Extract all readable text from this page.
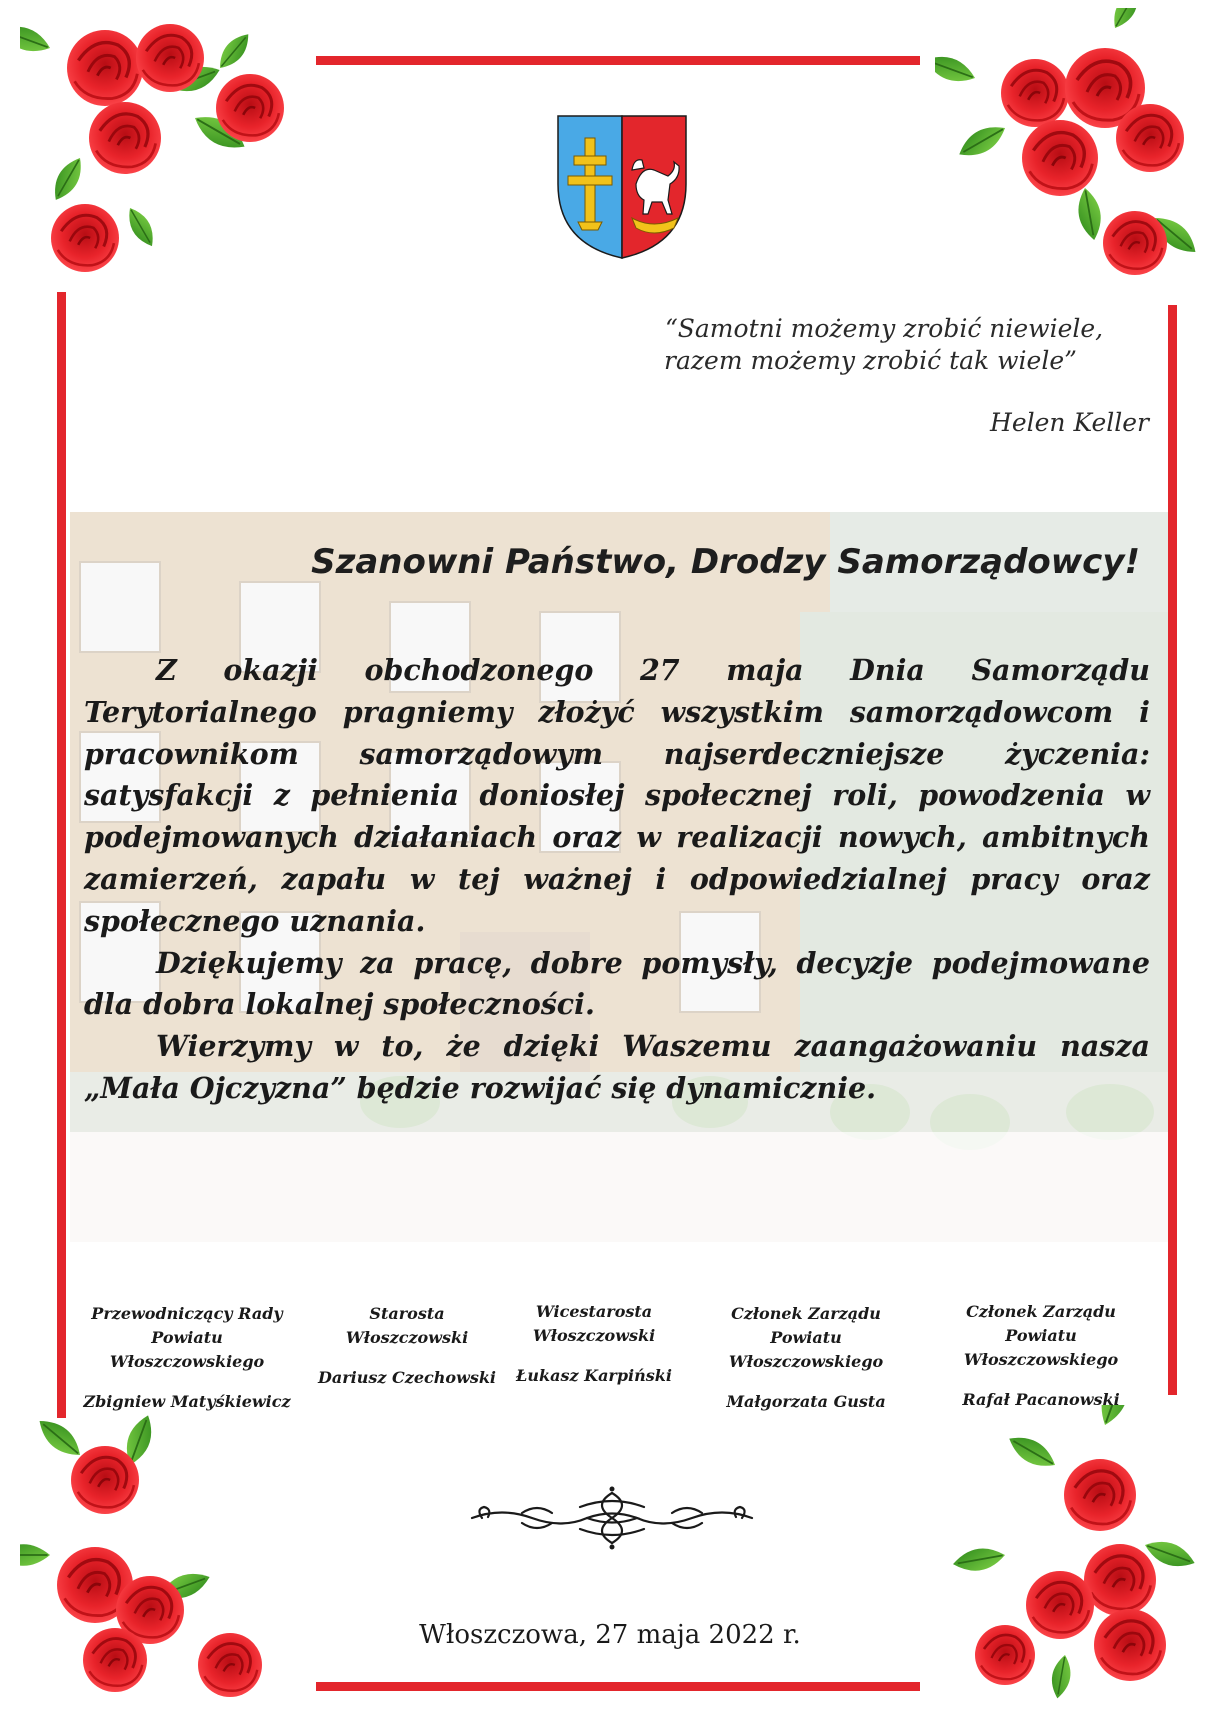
“Samotni możemy zrobić niewiele,
razem możemy zrobić tak wiele”
Helen Keller
Szanowni Państwo, Drodzy Samorządowcy!

Z okazji obchodzonego 27 maja Dnia Samorządu Terytorialnego pragniemy złożyć wszystkim samorządowcom i pracownikom samorządowym najserdeczniejsze życzenia: satysfakcji z pełnienia doniosłej społecznej roli, powodzenia w podejmowanych działaniach oraz w realizacji nowych, ambitnych zamierzeń, zapału w tej ważnej i odpowiedzialnej pracy oraz społecznego uznania.

Dziękujemy za pracę, dobre pomysły, decyzje podejmowane dla dobra lokalnej społeczności.

Wierzymy w to, że dzięki Waszemu zaangażowaniu nasza „Mała Ojczyzna” będzie rozwijać się dynamicznie.

Przewodniczący Rady
Powiatu Włoszczowskiego
Zbigniew Matyśkiewicz
Starosta
Włoszczowski
Dariusz Czechowski
Wicestarosta
Włoszczowski
Łukasz Karpiński
Członek Zarządu
Powiatu Włoszczowskiego
Małgorzata Gusta
Członek Zarządu
Powiatu Włoszczowskiego
Rafał Pacanowski
Włoszczowa, 27 maja 2022 r.
